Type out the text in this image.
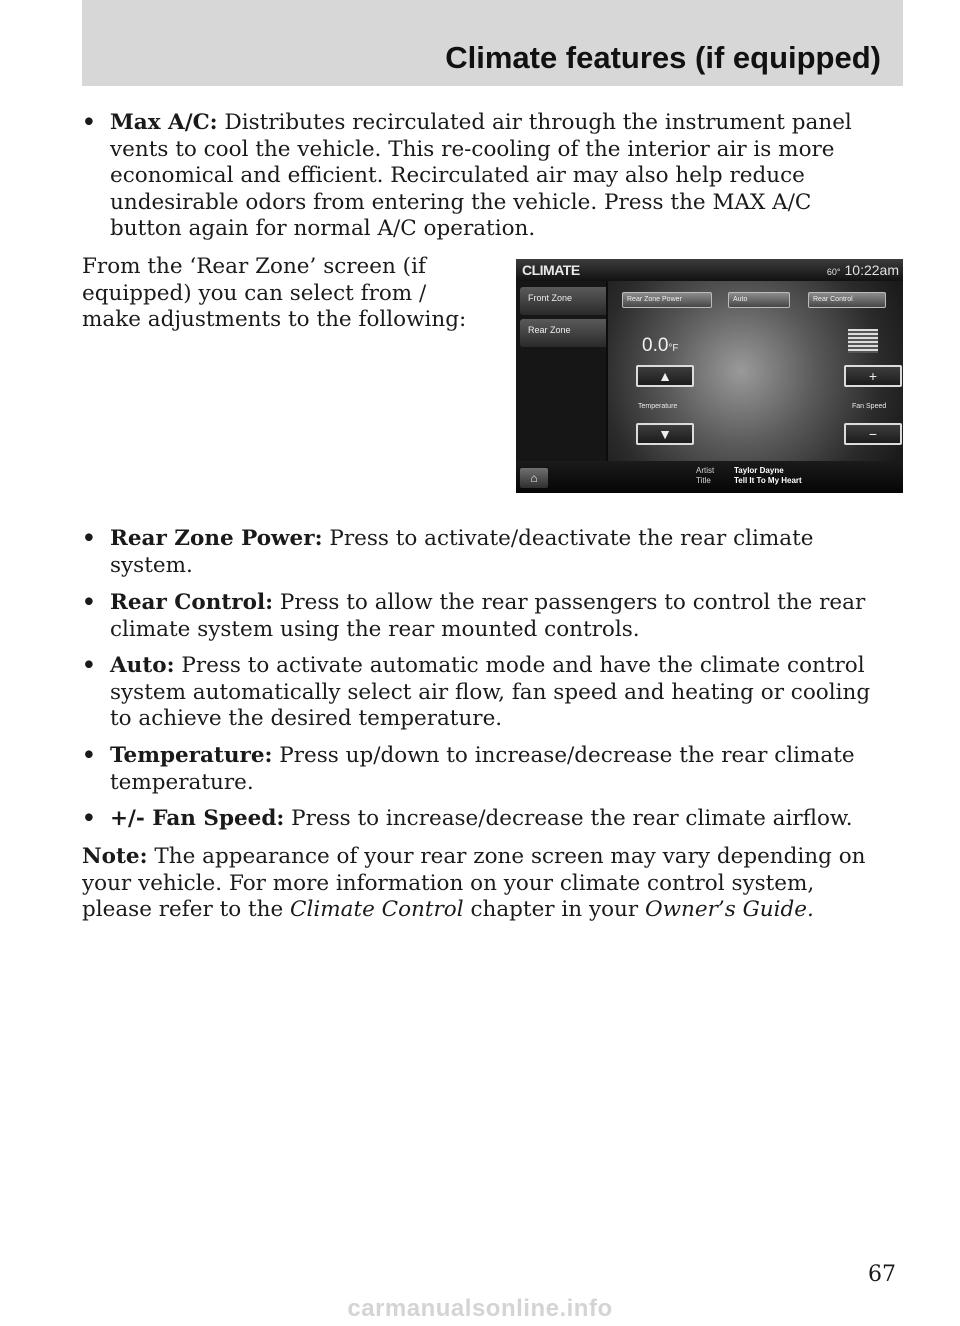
Climate features (if equipped)
• Max A/C: Distributes recirculated air through the instrument panel
vents to cool the vehicle. This re-cooling of the interior air is more
economical and efficient. Recirculated air may also help reduce
undesirable odors from entering the vehicle. Press the MAX A/C
button again for normal A/C operation.
From the ‘Rear Zone’ screen (if
equipped) you can select from /
make adjustments to the following:
CLIMATE	60° 10:22am
Front Zone
Rear Zone
Rear Zone Power	Auto	Rear Control
0.0°F
▲	+
Temperature	Fan Speed
▼	−
⌂
Artist
Title
Taylor Dayne
Tell It To My Heart
• Rear Zone Power: Press to activate/deactivate the rear climate
system.
• Rear Control: Press to allow the rear passengers to control the rear
climate system using the rear mounted controls.
• Auto: Press to activate automatic mode and have the climate control
system automatically select air flow, fan speed and heating or cooling
to achieve the desired temperature.
• Temperature: Press up/down to increase/decrease the rear climate
temperature.
• +/- Fan Speed: Press to increase/decrease the rear climate airflow.
Note: The appearance of your rear zone screen may vary depending on
your vehicle. For more information on your climate control system,
please refer to the Climate Control chapter in your Owner’s Guide.
67
carmanualsonline.info
